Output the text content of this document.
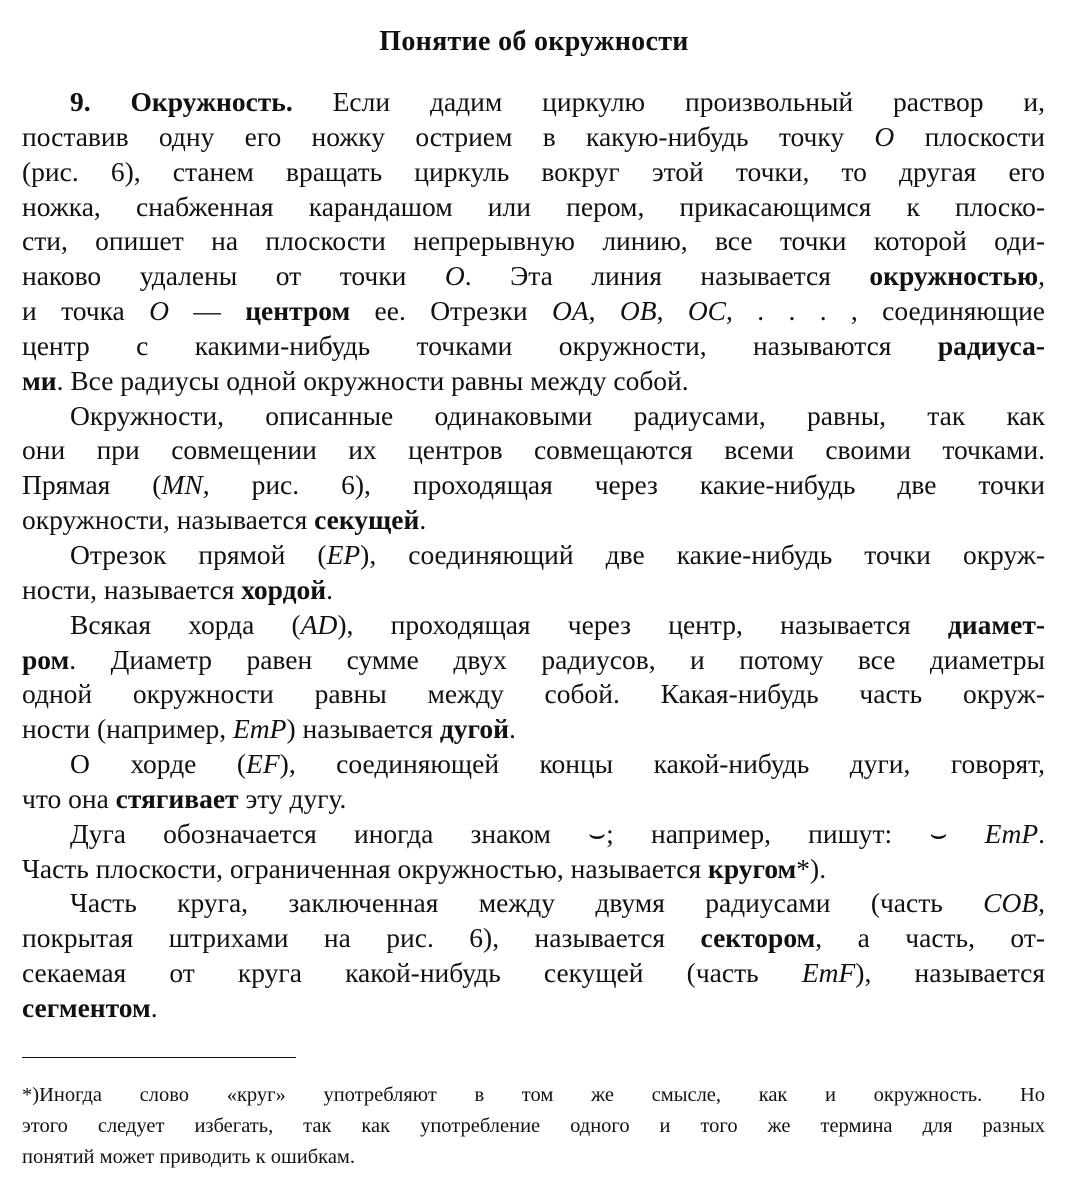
Понятие об окружности
9. Окружность. Если дадим циркулю произвольный раствор и,
поставив одну его ножку острием в какую-нибудь точку O плоскости
(рис. 6), станем вращать циркуль вокруг этой точки, то другая его
ножка, снабженная карандашом или пером, прикасающимся к плоско-
сти, опишет на плоскости непрерывную линию, все точки которой оди-
наково удалены от точки O. Эта линия называется окружностью,
и точка O — центром ее. Отрезки OA, OB, OC, . . . , соединяющие
центр с какими-нибудь точками окружности, называются радиуса-
ми. Все радиусы одной окружности равны между собой.
Окружности, описанные одинаковыми радиусами, равны, так как
они при совмещении их центров совмещаются всеми своими точками.
Прямая (MN, рис. 6), проходящая через какие-нибудь две точки
окружности, называется секущей.
Отрезок прямой (EP), соединяющий две какие-нибудь точки окруж-
ности, называется хордой.
Всякая хорда (AD), проходящая через центр, называется диамет-
ром. Диаметр равен сумме двух радиусов, и потому все диаметры
одной окружности равны между собой. Какая-нибудь часть окруж-
ности (например, EmP) называется дугой.
О хорде (EF), соединяющей концы какой-нибудь дуги, говорят,
что она стягивает эту дугу.
Дуга обозначается иногда знаком ⌣; например, пишут: ⌣ EmP.
Часть плоскости, ограниченная окружностью, называется кругом*).
Часть круга, заключенная между двумя радиусами (часть COB,
покрытая штрихами на рис. 6), называется сектором, а часть, от-
секаемая от круга какой-нибудь секущей (часть EmF), называется
сегментом.
*)Иногда слово «круг» употребляют в том же смысле, как и окружность. Но
этого следует избегать, так как употребление одного и того же термина для разных
понятий может приводить к ошибкам.
